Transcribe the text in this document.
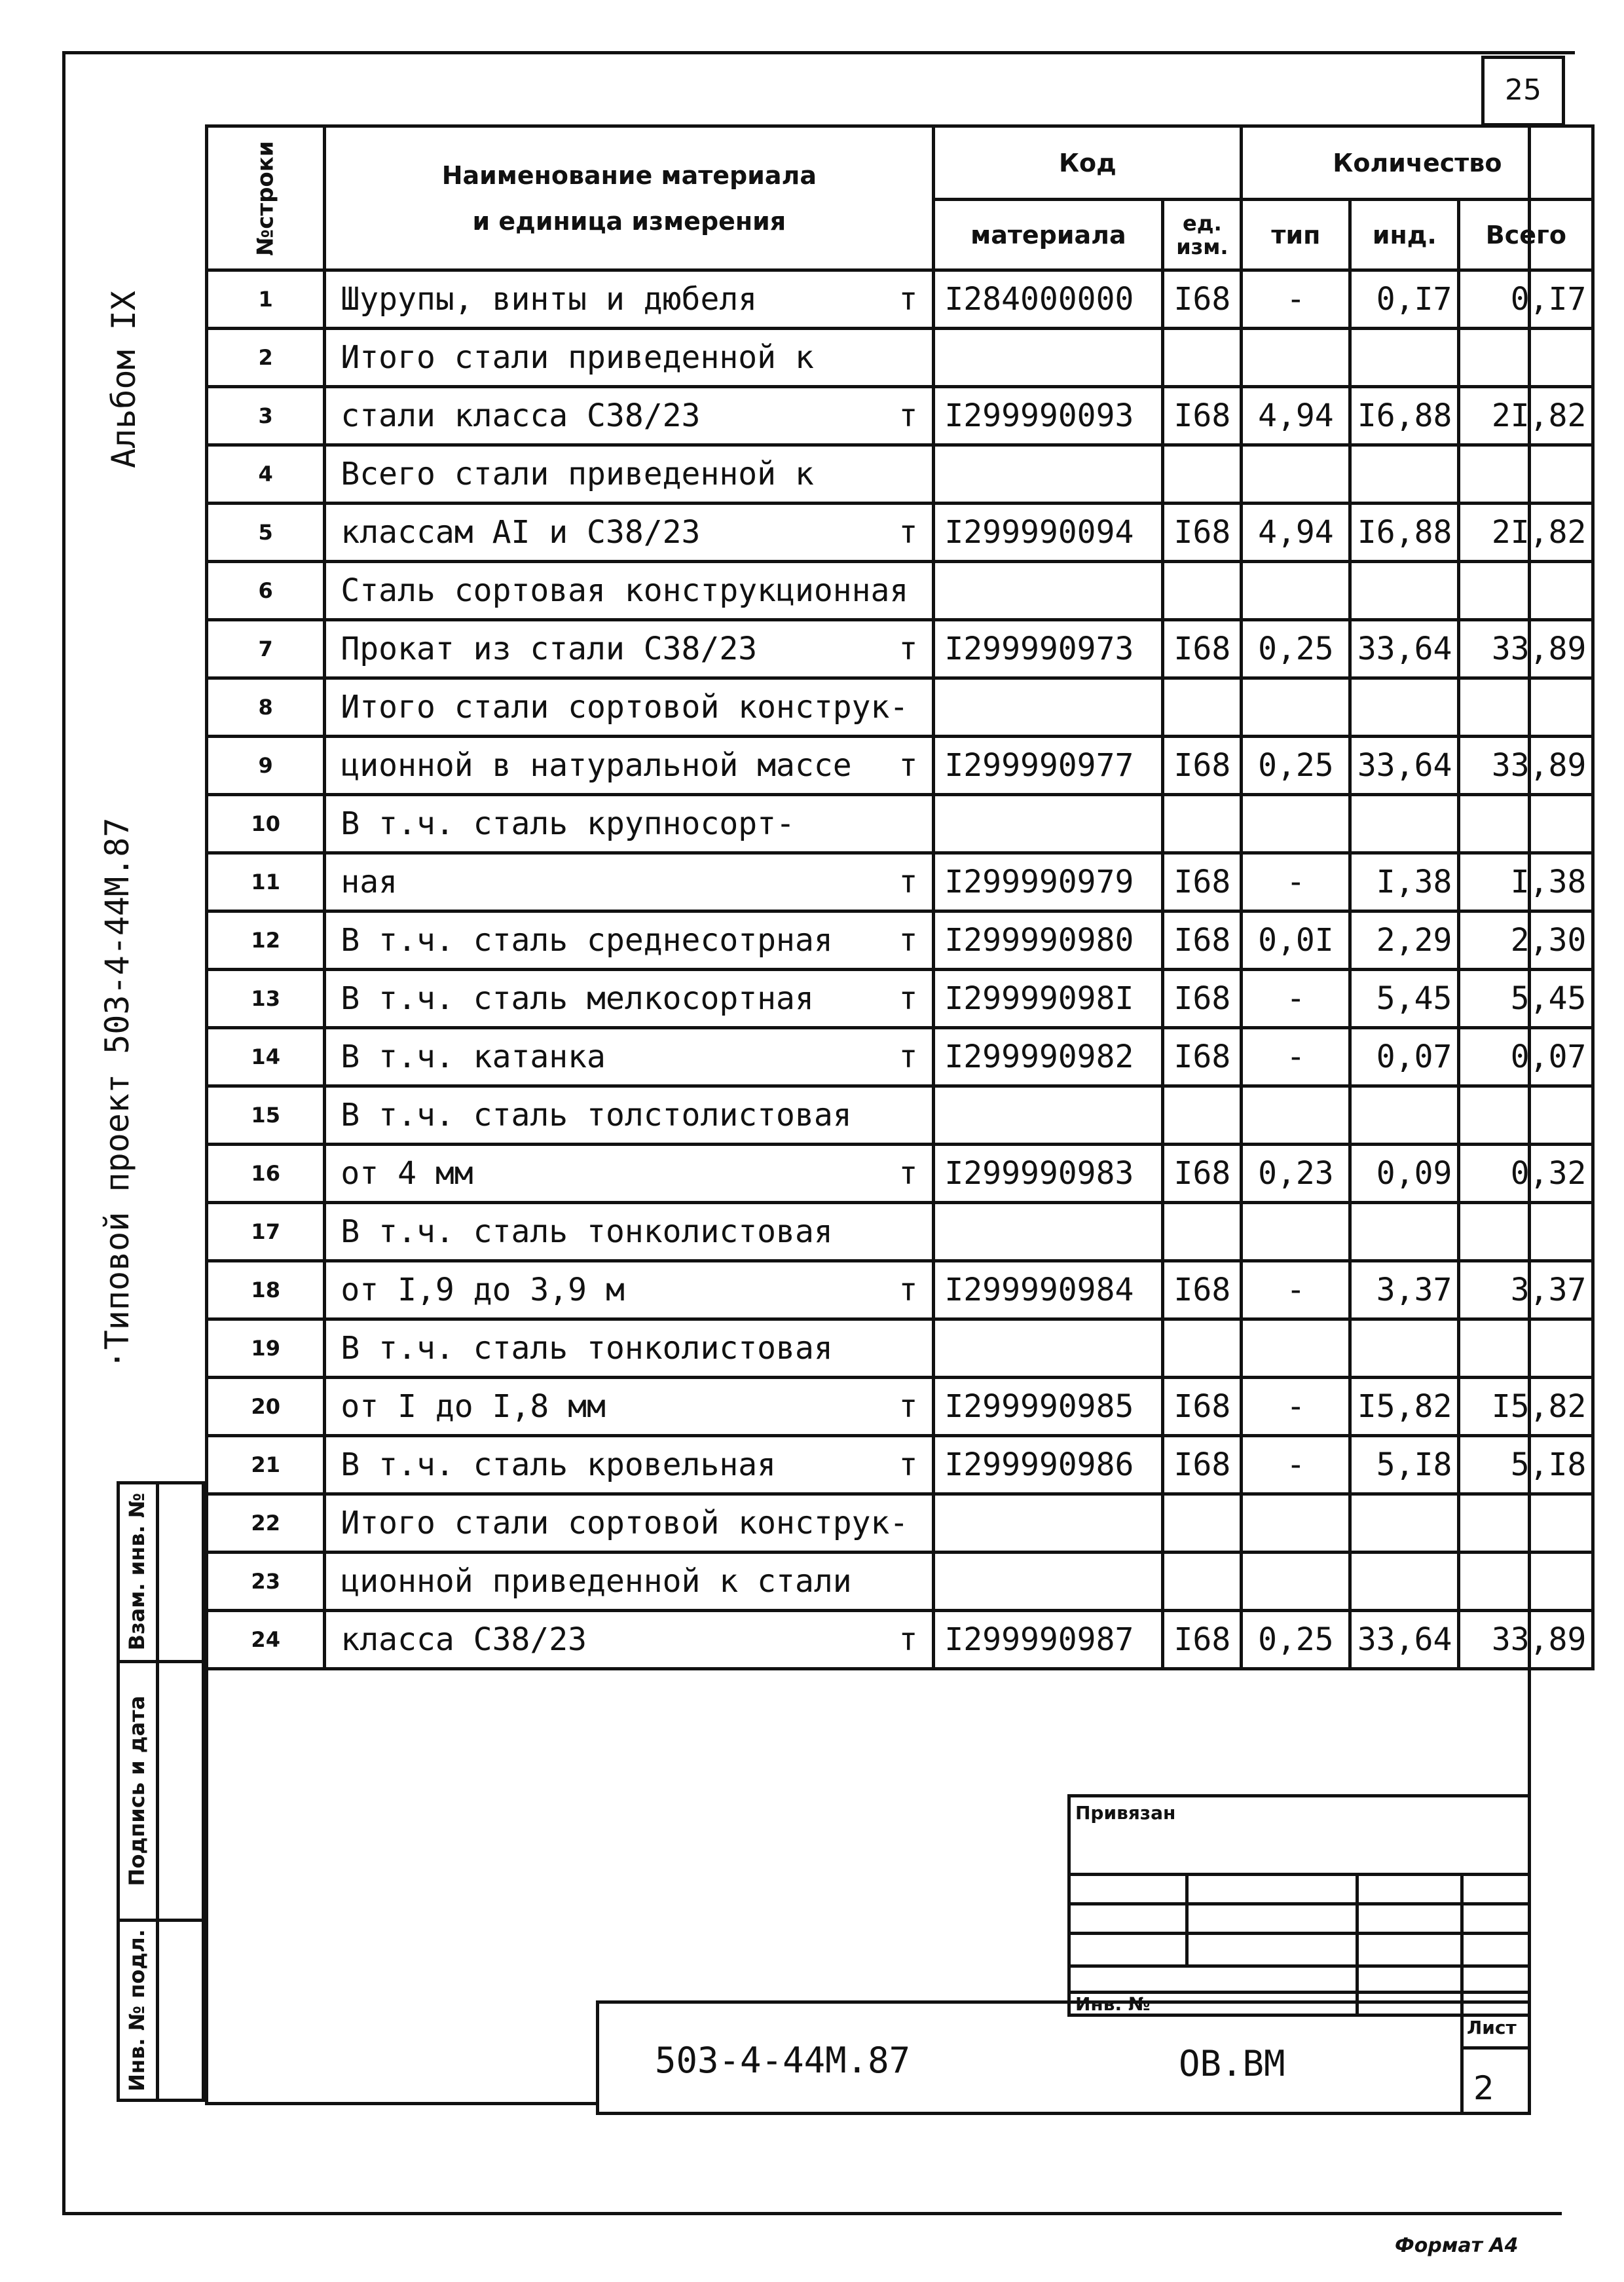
25
№строки	Наименование материала
и единица измерения	Код		Количество		
		материала	ед. изм.	тип	инд.	Всего
1	Шурупы, винты и дюбеля т	I284000000	I68	-	0,I7	0,I7
2	Итого стали приведенной к

3	стали класса С38/23 т	I299990093	I68	4,94	I6,88	2I,82
4	Всего стали приведенной к

5	классам AI и С38/23 т	I299990094	I68	4,94	I6,88	2I,82
6	Сталь сортовая конструкционная

7	Прокат из стали С38/23 т	I299990973	I68	0,25	33,64	33,89
8	Итого стали сортовой конструк-

9	ционной в натуральной массе т	I299990977	I68	0,25	33,64	33,89
10	В т.ч. сталь крупносорт-

11	ная т	I299990979	I68	-	I,38	I,38
12	В т.ч. сталь среднесотрная т	I299990980	I68	0,0I	2,29	2,30
13	В т.ч. сталь мелкосортная т	I29999098I	I68	-	5,45	5,45
14	В т.ч. катанка т	I299990982	I68	-	0,07	0,07
15	В т.ч. сталь толстолистовая

16	от 4 мм т	I299990983	I68	0,23	0,09	0,32
17	В т.ч. сталь тонколистовая

18	от I,9 до 3,9 м т	I299990984	I68	-	3,37	3,37
19	В т.ч. сталь тонколистовая

20	от I до I,8 мм т	I299990985	I68	-	I5,82	I5,82
21	В т.ч. сталь кровельная т	I299990986	I68	-	5,I8	5,I8
22	Итого стали сортовой конструк-

23	ционной приведенной к стали

24	класса С38/23 т	I299990987	I68	0,25	33,64	33,89
Альбом IX
·Типовой проект 503-4-44М.87
Взам. инв. №
Подпись и дата
Инв. № подл.
Привязан
Инв. №
503-4-44М.87	ОВ.ВМ
Лист
2
Формат А4
